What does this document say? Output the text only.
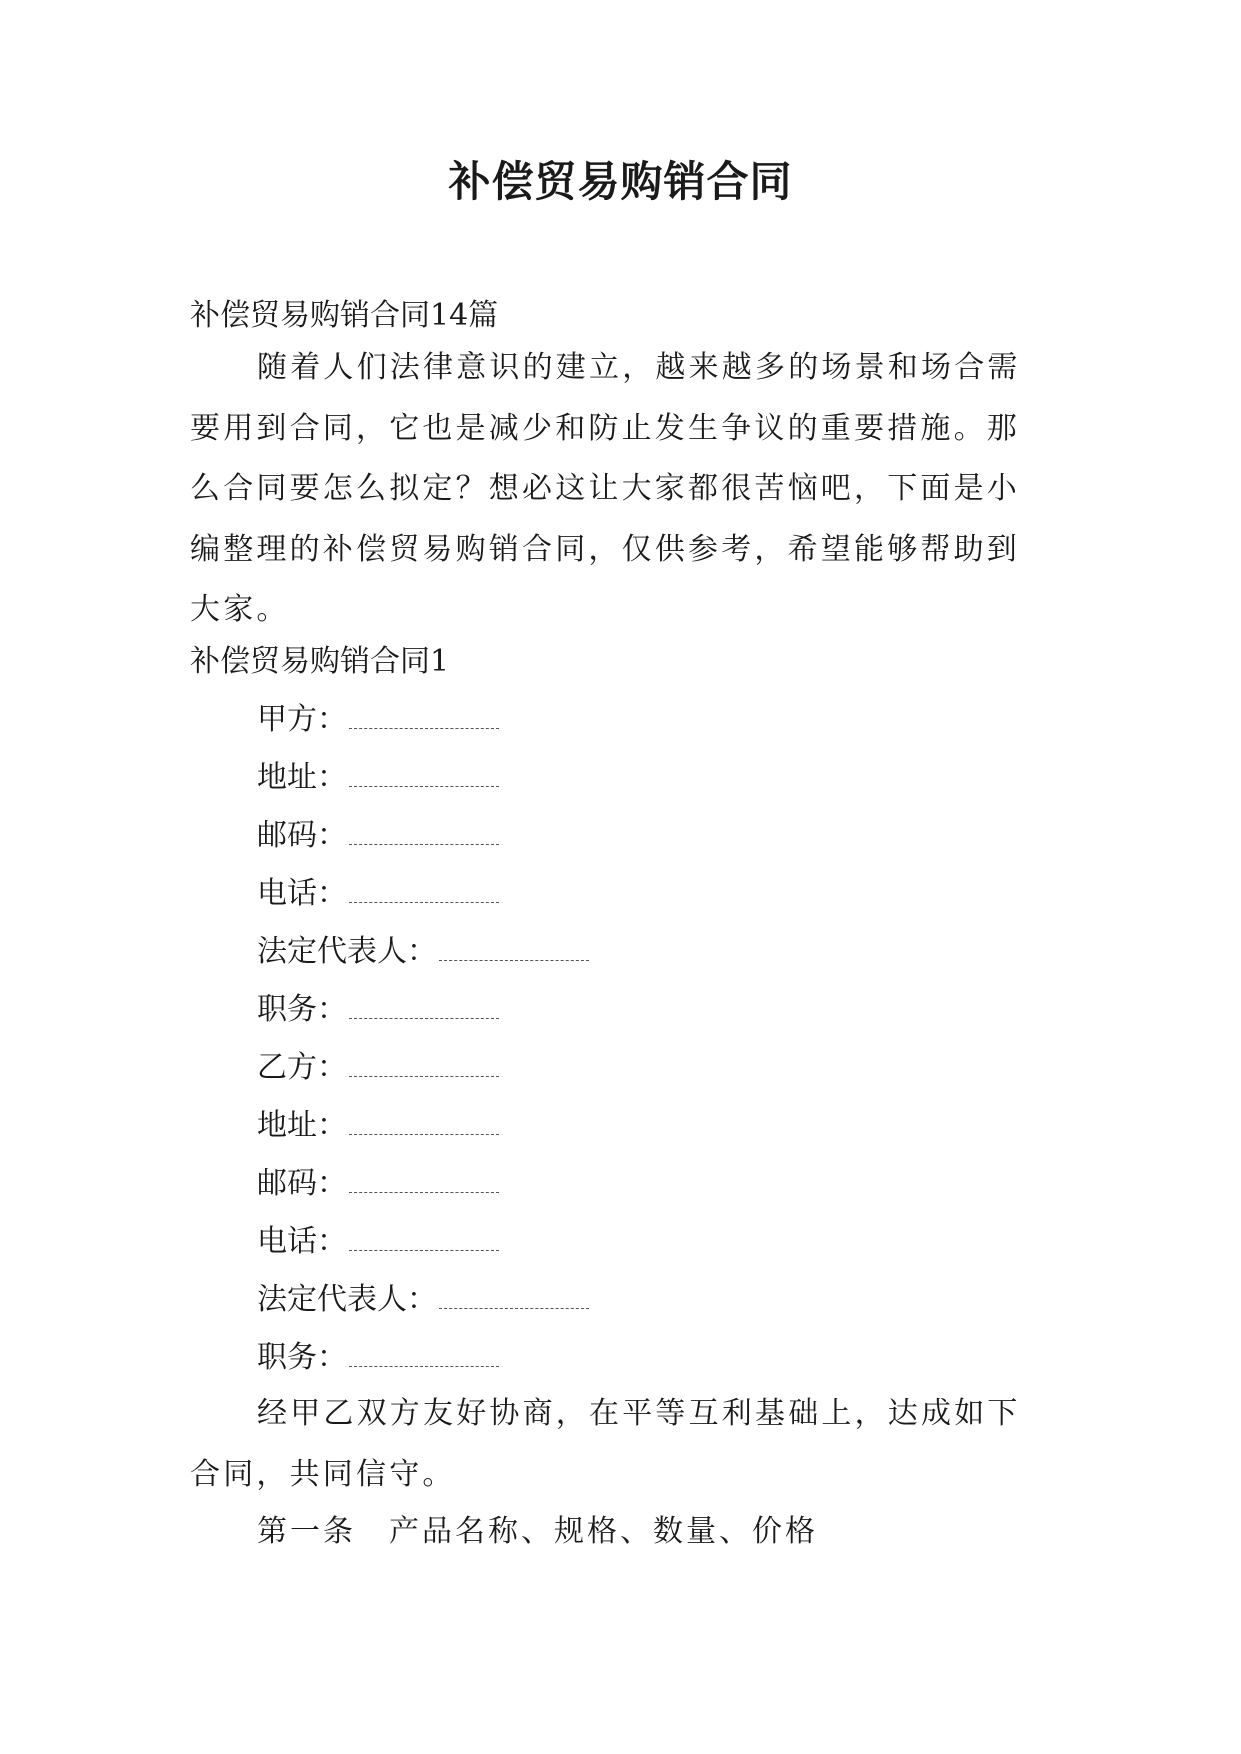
补偿贸易购销合同

补偿贸易购销合同14篇

随着人们法律意识的建立，越来越多的场景和场合需要用到合同，它也是减少和防止发生争议的重要措施。那么合同要怎么拟定？想必这让大家都很苦恼吧，下面是小编整理的补偿贸易购销合同，仅供参考，希望能够帮助到大家。

补偿贸易购销合同1

甲方：

地址：

邮码：

电话：

法定代表人：

职务：

乙方：

地址：

邮码：

电话：

法定代表人：

职务：

经甲乙双方友好协商，在平等互利基础上，达成如下合同，共同信守。

第一条　产品名称、规格、数量、价格
